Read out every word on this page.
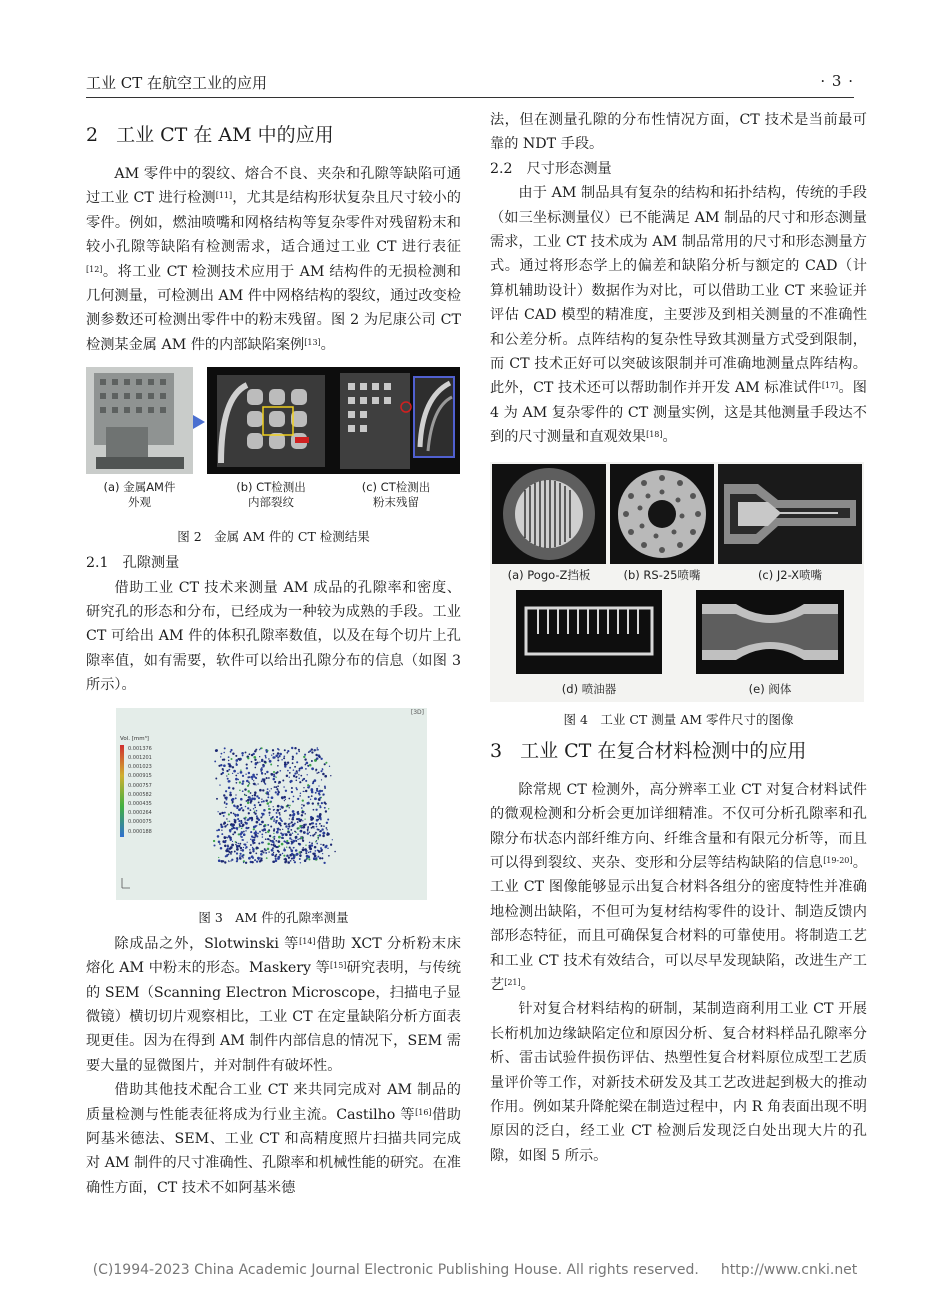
工业 CT 在航空工业的应用	· 3 ·
2 工业 CT 在 AM 中的应用

AM 零件中的裂纹、熔合不良、夹杂和孔隙等缺陷可通过工业 CT 进行检测[11]，尤其是结构形状复杂且尺寸较小的零件。例如，燃油喷嘴和网格结构等复杂零件对残留粉末和较小孔隙等缺陷有检测需求，适合通过工业 CT 进行表征[12]。将工业 CT 检测技术应用于 AM 结构件的无损检测和几何测量，可检测出 AM 件中网格结构的裂纹，通过改变检测参数还可检测出零件中的粉末残留。图 2 为尼康公司 CT 检测某金属 AM 件的内部缺陷案例[13]。

(a) 金属AM件
外观
(b) CT检测出
内部裂纹
(c) CT检测出
粉末残留
图 2　金属 AM 件的 CT 检测结果
2.1 孔隙测量

借助工业 CT 技术来测量 AM 成品的孔隙率和密度、研究孔的形态和分布，已经成为一种较为成熟的手段。工业 CT 可给出 AM 件的体积孔隙率数值，以及在每个切片上孔隙率值，如有需要，软件可以给出孔隙分布的信息（如图 3 所示）。

Vol. [mm³]
0.001376
0.001201
0.001023
0.000915
0.000757
0.000582
0.000435
0.000264
0.000075
0.000188
[3D]
图 3　AM 件的孔隙率测量

除成品之外，Slotwinski 等[14]借助 XCT 分析粉末床熔化 AM 中粉末的形态。Maskery 等[15]研究表明，与传统的 SEM（Scanning Electron Microscope，扫描电子显微镜）横切切片观察相比，工业 CT 在定量缺陷分析方面表现更佳。因为在得到 AM 制件内部信息的情况下，SEM 需要大量的显微图片，并对制件有破坏性。

借助其他技术配合工业 CT 来共同完成对 AM 制品的质量检测与性能表征将成为行业主流。Castilho 等[16]借助阿基米德法、SEM、工业 CT 和高精度照片扫描共同完成对 AM 制件的尺寸准确性、孔隙率和机械性能的研究。在准确性方面，CT 技术不如阿基米德

法，但在测量孔隙的分布性情况方面，CT 技术是当前最可靠的 NDT 手段。

2.2 尺寸形态测量

由于 AM 制品具有复杂的结构和拓扑结构，传统的手段（如三坐标测量仪）已不能满足 AM 制品的尺寸和形态测量需求，工业 CT 技术成为 AM 制品常用的尺寸和形态测量方式。通过将形态学上的偏差和缺陷分析与额定的 CAD（计算机辅助设计）数据作为对比，可以借助工业 CT 来验证并评估 CAD 模型的精准度，主要涉及到相关测量的不准确性和公差分析。点阵结构的复杂性导致其测量方式受到限制，而 CT 技术正好可以突破该限制并可准确地测量点阵结构。此外，CT 技术还可以帮助制作并开发 AM 标准试件[17]。图 4 为 AM 复杂零件的 CT 测量实例，这是其他测量手段达不到的尺寸测量和直观效果[18]。

(a) Pogo-Z挡板	(b) RS-25喷嘴	(c) J2-X喷嘴
(d) 喷油器	(e) 阀体
图 4　工业 CT 测量 AM 零件尺寸的图像
3 工业 CT 在复合材料检测中的应用

除常规 CT 检测外，高分辨率工业 CT 对复合材料试件的微观检测和分析会更加详细精准。不仅可分析孔隙率和孔隙分布状态内部纤维方向、纤维含量和有限元分析等，而且可以得到裂纹、夹杂、变形和分层等结构缺陷的信息[19-20]。工业 CT 图像能够显示出复合材料各组分的密度特性并准确地检测出缺陷，不但可为复材结构零件的设计、制造反馈内部形态特征，而且可确保复合材料的可靠使用。将制造工艺和工业 CT 技术有效结合，可以尽早发现缺陷，改进生产工艺[21]。

针对复合材料结构的研制，某制造商利用工业 CT 开展长桁机加边缘缺陷定位和原因分析、复合材料样品孔隙率分析、雷击试验件损伤评估、热塑性复合材料原位成型工艺质量评价等工作，对新技术研发及其工艺改进起到极大的推动作用。例如某升降舵梁在制造过程中，内 R 角表面出现不明原因的泛白，经工业 CT 检测后发现泛白处出现大片的孔隙，如图 5 所示。

(C)1994-2023 China Academic Journal Electronic Publishing House. All rights reserved. http://www.cnki.net
